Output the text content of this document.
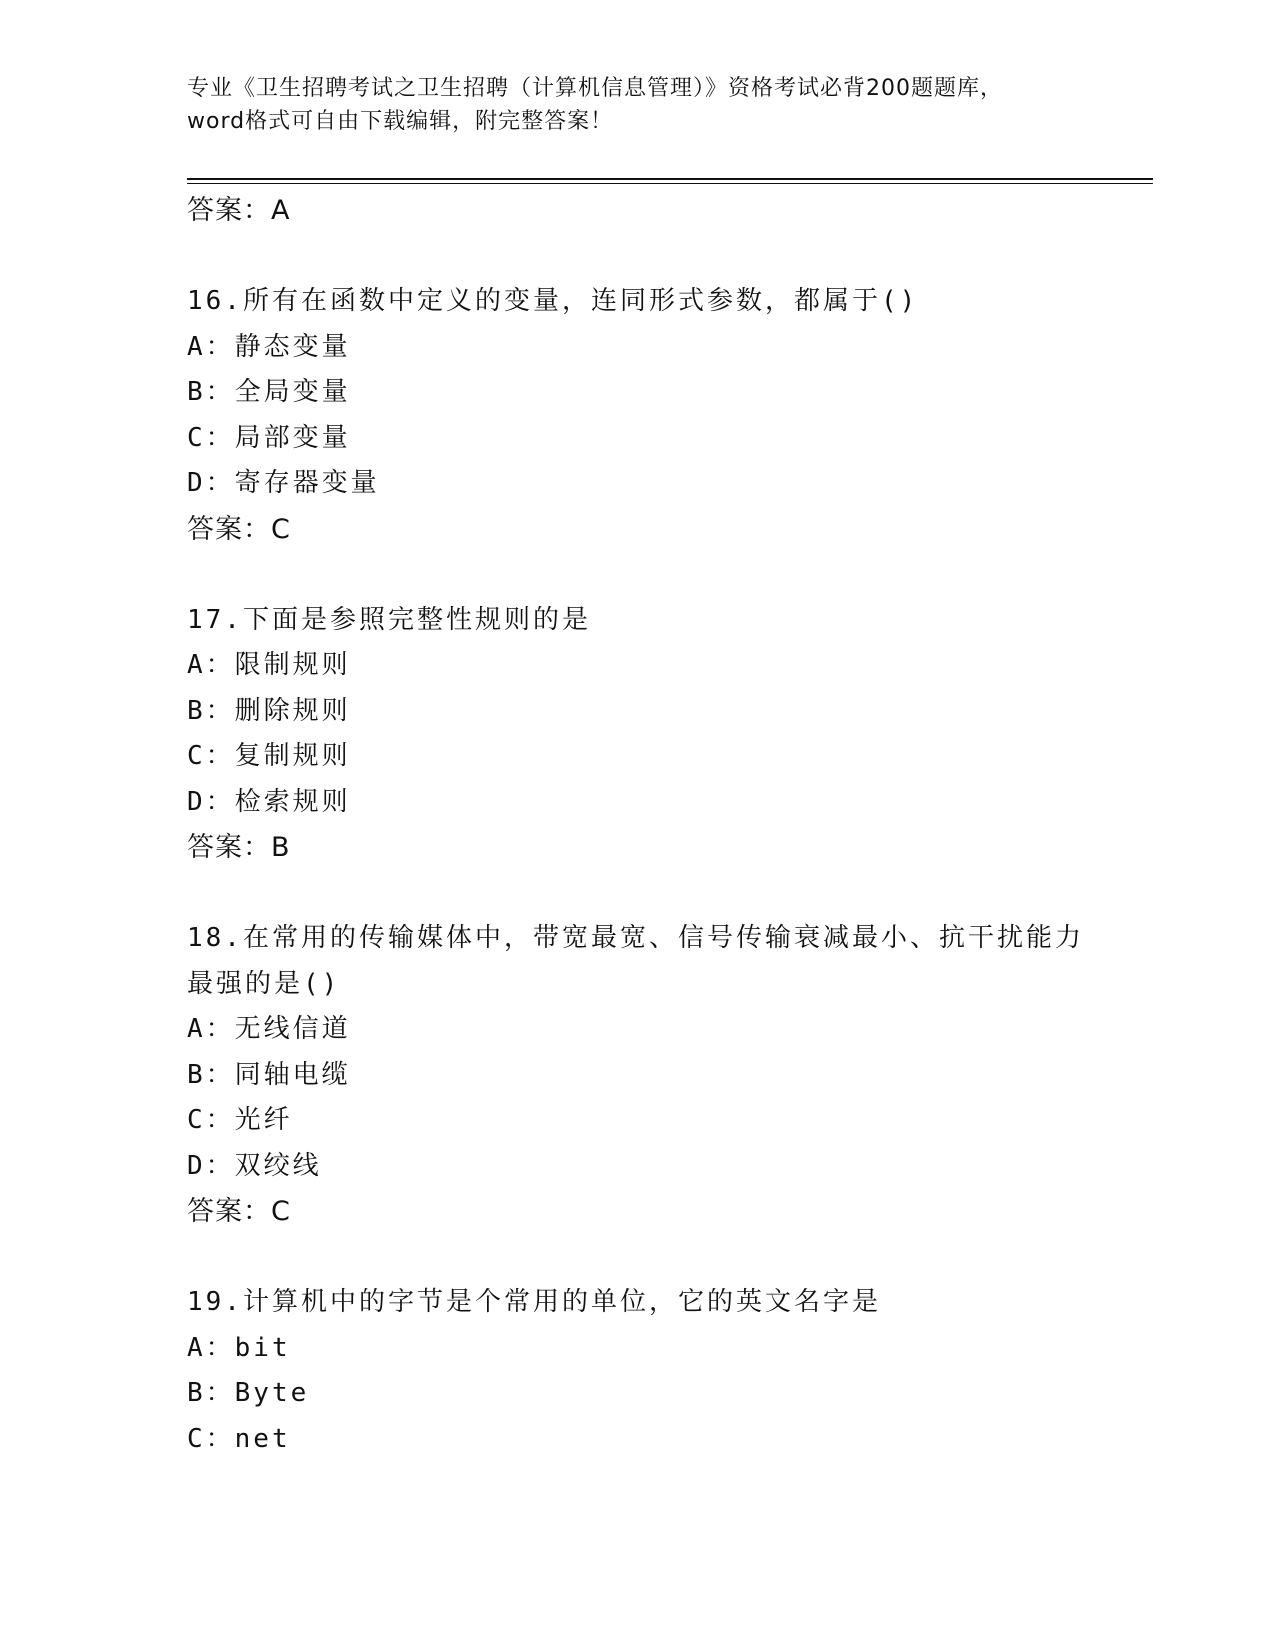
专业《卫生招聘考试之卫生招聘（计算机信息管理）》资格考试必背200题题库，
word格式可自由下载编辑，附完整答案！
答案：A
16.所有在函数中定义的变量，连同形式参数，都属于()
A：静态变量
B：全局变量
C：局部变量
D：寄存器变量
答案：C
17.下面是参照完整性规则的是
A：限制规则
B：删除规则
C：复制规则
D：检索规则
答案：B
18.在常用的传输媒体中，带宽最宽、信号传输衰减最小、抗干扰能力
最强的是()
A：无线信道
B：同轴电缆
C：光纤
D：双绞线
答案：C
19.计算机中的字节是个常用的单位，它的英文名字是
A：bit
B：Byte
C：net
